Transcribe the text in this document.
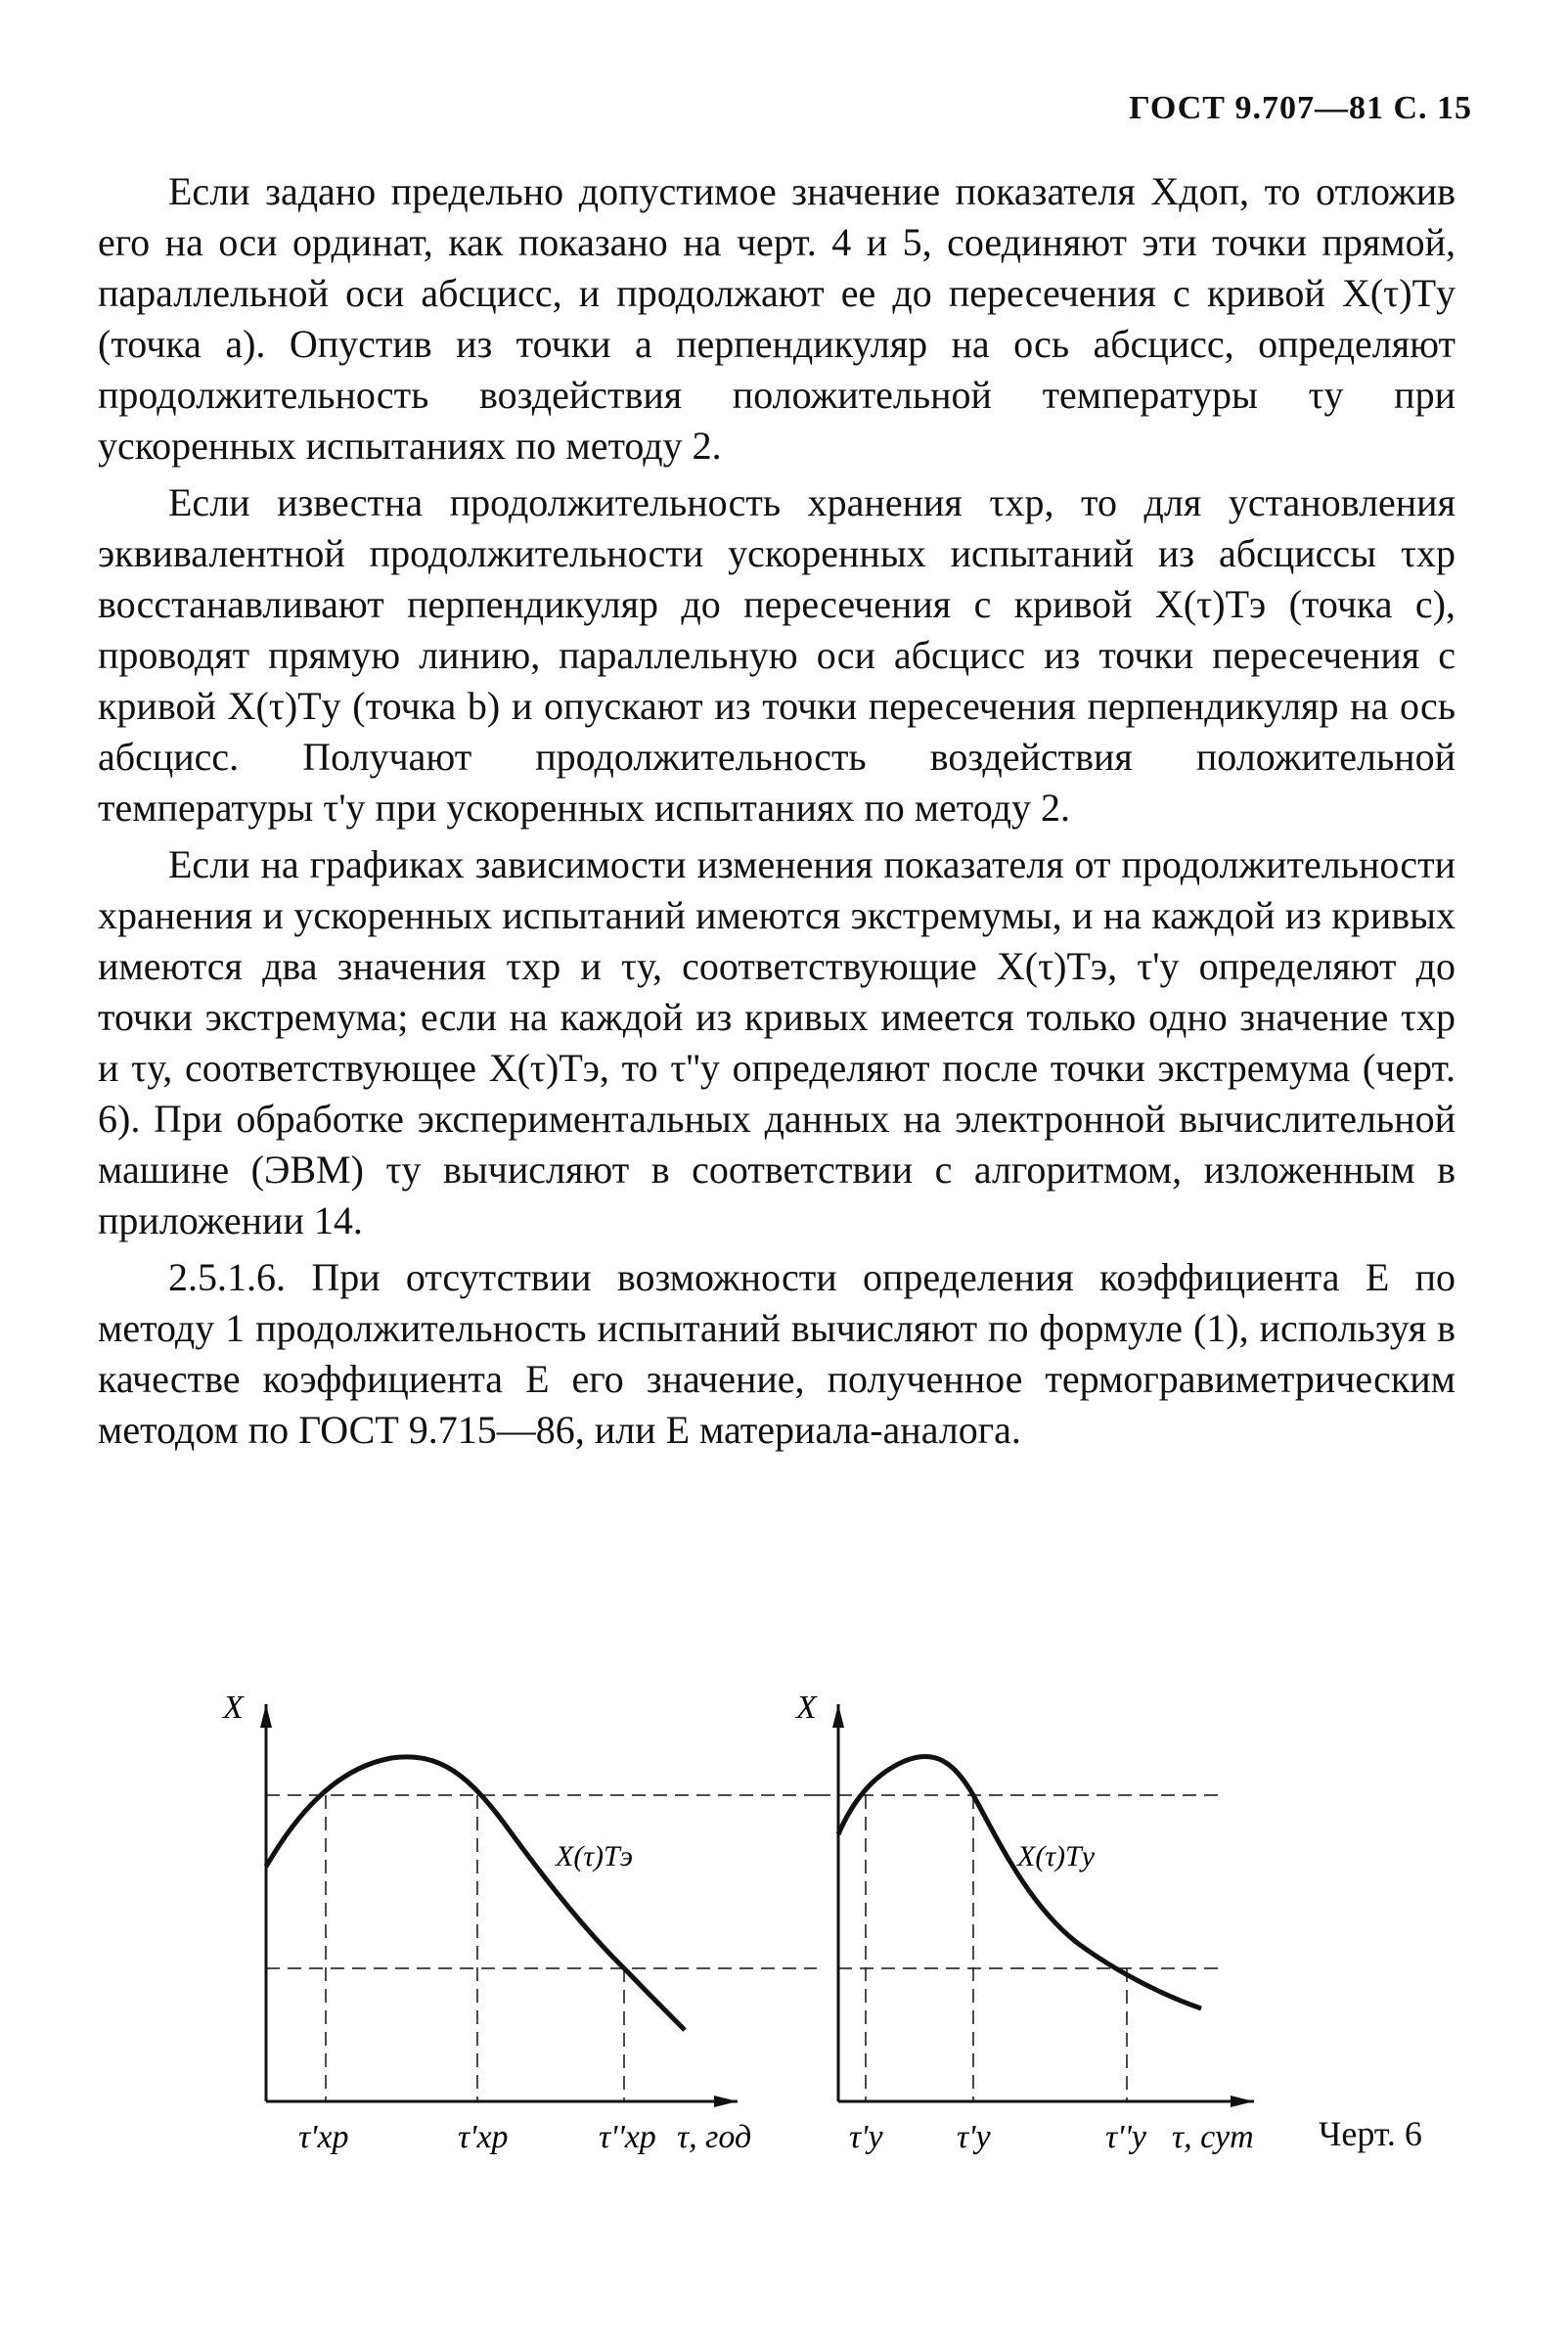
ГОСТ 9.707—81 С. 15

Если задано предельно допустимое значение показателя Xдоп, то отложив его на оси ординат, как показано на черт. 4 и 5, соединяют эти точки прямой, параллельной оси абсцисс, и продолжают ее до пересечения с кривой X(τ)Tу (точка a). Опустив из точки a перпендикуляр на ось абсцисс, определяют продолжительность воздействия положительной температуры τу при ускоренных испытаниях по методу 2.

Если известна продолжительность хранения τхр, то для установления эквивалентной продолжительности ускоренных испытаний из абсциссы τхр восстанавливают перпендикуляр до пересечения с кривой X(τ)Tэ (точка c), проводят прямую линию, параллельную оси абсцисс из точки пересечения с кривой X(τ)Tу (точка b) и опускают из точки пересечения перпендикуляр на ось абсцисс. Получают продолжительность воздействия положительной температуры τ'у при ускоренных испытаниях по методу 2.

Если на графиках зависимости изменения показателя от продолжительности хранения и ускоренных испытаний имеются экстремумы, и на каждой из кривых имеются два значения τхр и τу, соответствующие X(τ)Tэ, τ'у определяют до точки экстремума; если на каждой из кривых имеется только одно значение τхр и τу, соответствующее X(τ)Tэ, то τ''у определяют после точки экстремума (черт. 6). При обработке экспериментальных данных на электронной вычислительной машине (ЭВМ) τу вычисляют в соответствии с алгоритмом, изложенным в приложении 14.

2.5.1.6. При отсутствии возможности определения коэффициента E по методу 1 продолжительность испытаний вычисляют по формуле (1), используя в качестве коэффициента E его значение, полученное термогравиметрическим методом по ГОСТ 9.715—86, или E материала-аналога.

X
X(τ)Tэ
τ'хр	τ'хр	τ''хр τ, год
X
X(τ)Tу
τ'у τ'у	τ''у τ, сут Черт. 6
